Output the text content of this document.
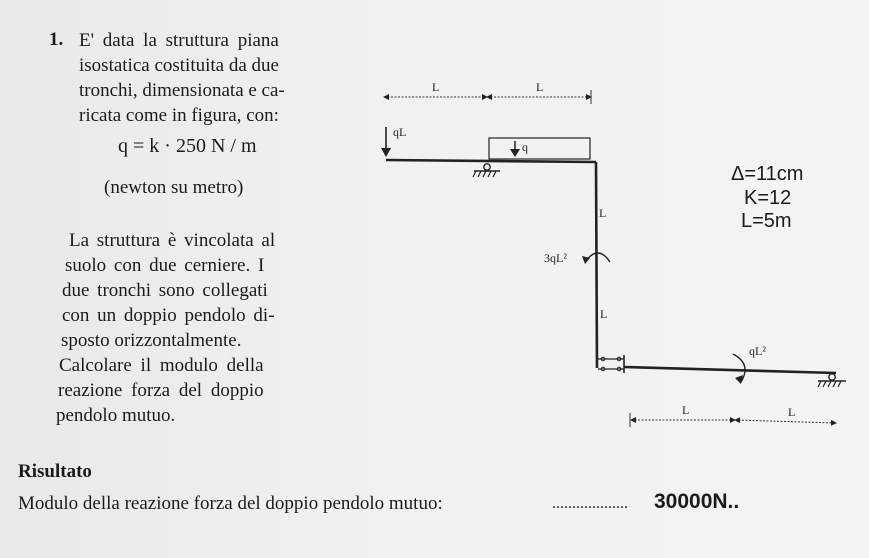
1. E' data la struttura piana
isostatica costituita da due
tronchi, dimensionata e ca-
ricata come in figura, con:
q = k · 250 N / m
(newton su metro)
La struttura è vincolata al
suolo con due cerniere. I
due tronchi sono collegati
con un doppio pendolo di-
sposto orizzontalmente.
Calcolare il modulo della
reazione forza del doppio
pendolo mutuo.
Δ=11cm
K=12
L=5m
L	L
qL
q
L
L
3qL²
qL²
L	L
Risultato
Modulo della reazione forza del doppio pendolo mutuo:	................... 30000N..
